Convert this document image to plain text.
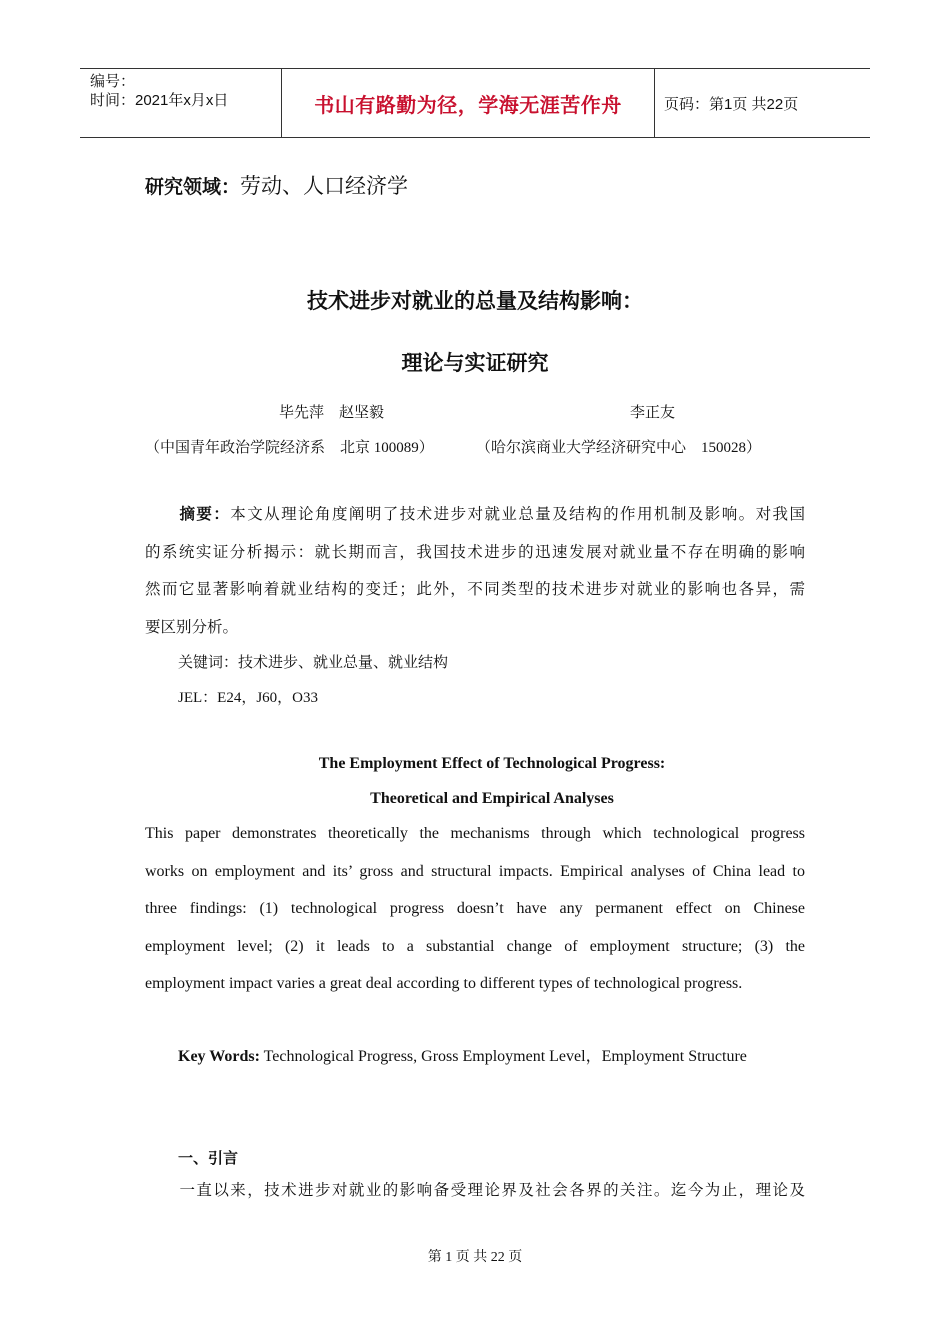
编号：
时间：2021年x月x日	书山有路勤为径，学海无涯苦作舟	页码：第1页 共22页
研究领域：劳动、人口经济学
技术进步对就业的总量及结构影响：
理论与实证研究
毕先萍    赵坚毅	李正友
（中国青年政治学院经济系    北京 100089）	（哈尔滨商业大学经济研究中心    150028）
摘要：本文从理论角度阐明了技术进步对就业总量及结构的作用机制及影响。对我国
的系统实证分析揭示：就长期而言，我国技术进步的迅速发展对就业量不存在明确的影响
然而它显著影响着就业结构的变迁；此外，不同类型的技术进步对就业的影响也各异，需
要区别分析。
关键词：技术进步、就业总量、就业结构
JEL：E24，J60，O33
The Employment Effect of Technological Progress:
Theoretical and Empirical Analyses
This paper demonstrates theoretically the mechanisms through which technological progress
works on employment and its’ gross and structural impacts. Empirical analyses of China lead to
three findings: (1) technological progress doesn’t have any permanent effect on Chinese
employment level; (2) it leads to a substantial change of employment structure; (3) the
employment impact varies a great deal according to different types of technological progress.
Key Words: Technological Progress, Gross Employment Level，Employment Structure
一、引言
一直以来，技术进步对就业的影响备受理论界及社会各界的关注。迄今为止，理论及
第 1 页 共 22 页
